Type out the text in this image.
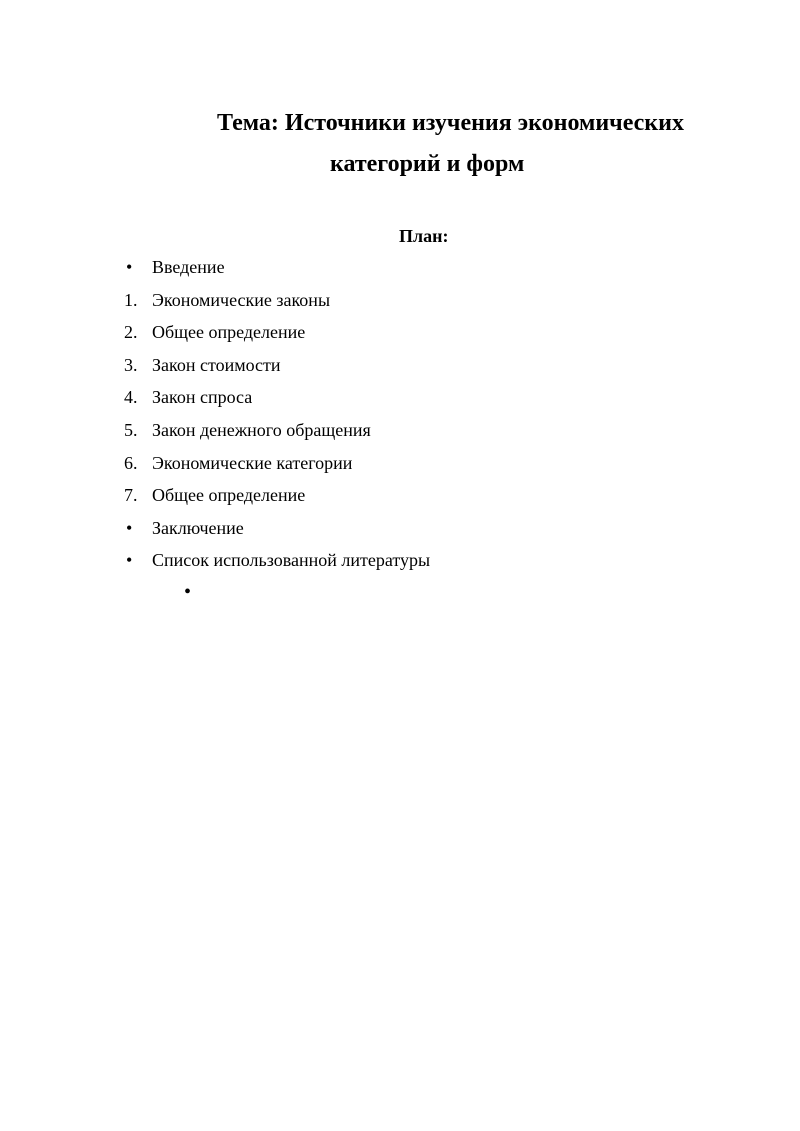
Тема: Источники изучения экономических
категорий и форм
План:
• Введение
1. Экономические законы
2. Общее определение
3. Закон стоимости
4. Закон спроса
5. Закон денежного обращения
6. Экономические категории
7. Общее определение
• Заключение
• Список использованной литературы
•
